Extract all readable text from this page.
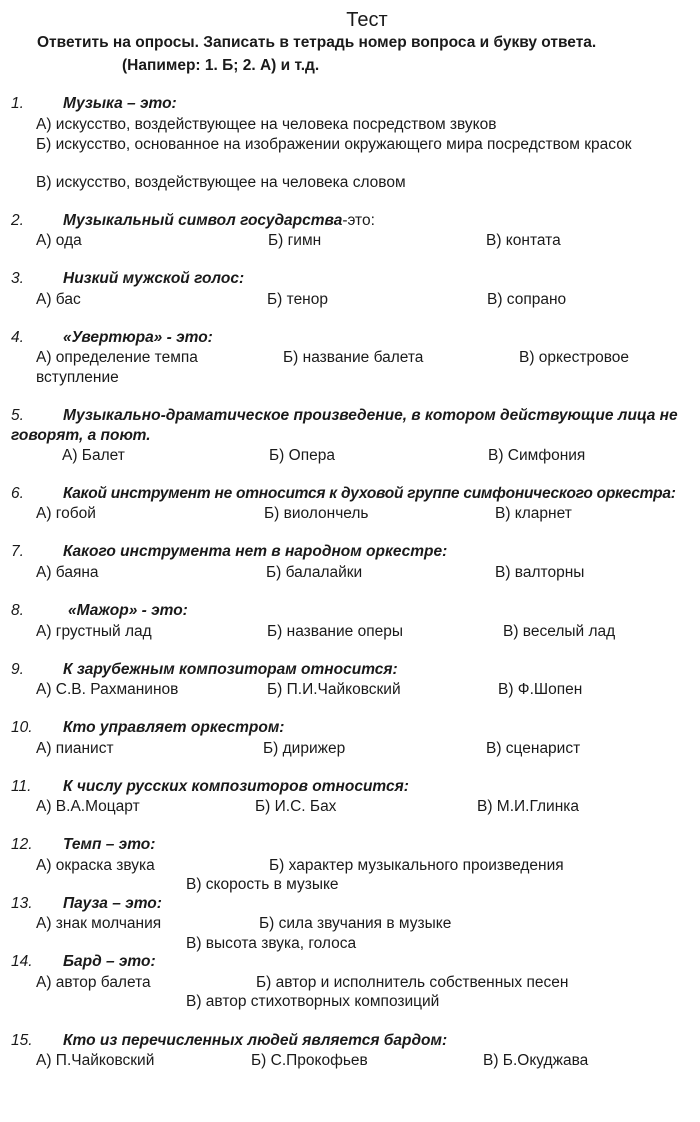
Тест
Ответить на опросы. Записать в тетрадь номер вопроса и букву ответа.
(Напимер: 1. Б; 2. А) и т.д.
1.	Музыка – это:
А) искусство, воздействующее на человека посредством звуков
Б) искусство, основанное на изображении окружающего мира посредством красок
В) искусство, воздействующее на человека словом
2.	Музыкальный символ государства-это:
А) ода	Б) гимн	В) контата
3.	Низкий мужской голос:
А) бас	Б) тенор	В) сопрано
4.	«Увертюра» - это:
А) определение темпа	Б) название балета	В) оркестровое
вступление
5.	Музыкально-драматическое произведение, в котором действующие лица не
говорят, а поют.
А) Балет	Б) Опера	В) Симфония
6.	Какой инструмент не относится к духовой группе симфонического оркестра:
А) гобой	Б) виолончель	В) кларнет
7.	Какого инструмента нет в народном оркестре:
А) баяна	Б) балалайки	В) валторны
8.	«Мажор» - это:
А) грустный лад	Б) название оперы	В) веселый лад
9.	К зарубежным композиторам относится:
А) С.В. Рахманинов	Б) П.И.Чайковский	В) Ф.Шопен
10. Кто управляет оркестром:
А) пианист	Б) дирижер	В) сценарист
11. К числу русских композиторов относится:
А) В.А.Моцарт	Б) И.С. Бах	В) М.И.Глинка
12. Темп – это:
А) окраска звука	Б) характер музыкального произведения
В) скорость в музыке
13. Пауза – это:
А) знак молчания	Б) сила звучания в музыке
В) высота звука, голоса
14. Бард – это:
А) автор балета	Б) автор и исполнитель собственных песен
В) автор стихотворных композиций
15. Кто из перечисленных людей является бардом:
А) П.Чайковский	Б) С.Прокофьев	В) Б.Окуджава
